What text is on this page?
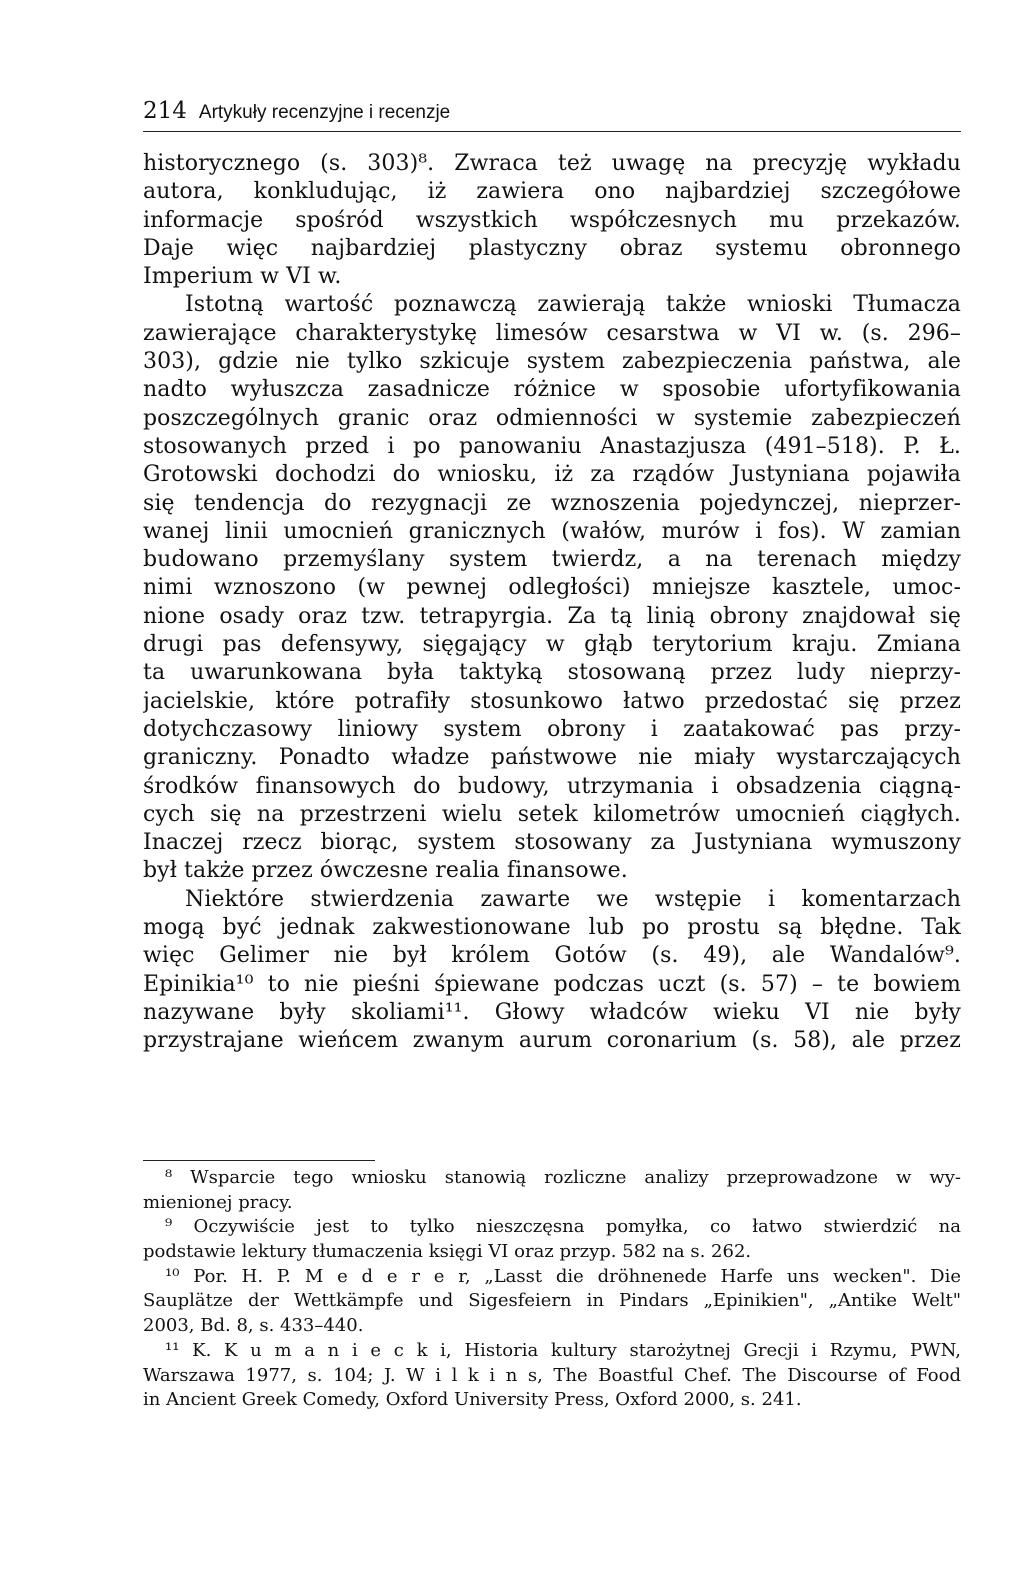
214 Artykuły recenzyjne i recenzje
historycznego (s. 303)⁸. Zwraca też uwagę na precyzję wykładu
autora, konkludując, iż zawiera ono najbardziej szczegółowe
informacje spośród wszystkich współczesnych mu przekazów.
Daje więc najbardziej plastyczny obraz systemu obronnego
Imperium w VI w.
Istotną wartość poznawczą zawierają także wnioski Tłumacza
zawierające charakterystykę limesów cesarstwa w VI w. (s. 296–
303), gdzie nie tylko szkicuje system zabezpieczenia państwa, ale
nadto wyłuszcza zasadnicze różnice w sposobie ufortyfikowania
poszczególnych granic oraz odmienności w systemie zabezpieczeń
stosowanych przed i po panowaniu Anastazjusza (491–518). P. Ł.
Grotowski dochodzi do wniosku, iż za rządów Justyniana pojawiła
się tendencja do rezygnacji ze wznoszenia pojedynczej, nieprzer-
wanej linii umocnień granicznych (wałów, murów i fos). W zamian
budowano przemyślany system twierdz, a na terenach między
nimi wznoszono (w pewnej odległości) mniejsze kasztele, umoc-
nione osady oraz tzw. tetrapyrgia. Za tą linią obrony znajdował się
drugi pas defensywy, sięgający w głąb terytorium kraju. Zmiana
ta uwarunkowana była taktyką stosowaną przez ludy nieprzy-
jacielskie, które potrafiły stosunkowo łatwo przedostać się przez
dotychczasowy liniowy system obrony i zaatakować pas przy-
graniczny. Ponadto władze państwowe nie miały wystarczających
środków finansowych do budowy, utrzymania i obsadzenia ciągną-
cych się na przestrzeni wielu setek kilometrów umocnień ciągłych.
Inaczej rzecz biorąc, system stosowany za Justyniana wymuszony
był także przez ówczesne realia finansowe.
Niektóre stwierdzenia zawarte we wstępie i komentarzach
mogą być jednak zakwestionowane lub po prostu są błędne. Tak
więc Gelimer nie był królem Gotów (s. 49), ale Wandalów⁹.
Epinikia¹⁰ to nie pieśni śpiewane podczas uczt (s. 57) – te bowiem
nazywane były skoliami¹¹. Głowy władców wieku VI nie były
przystrajane wieńcem zwanym aurum coronarium (s. 58), ale przez
⁸ Wsparcie tego wniosku stanowią rozliczne analizy przeprowadzone w wy-
mienionej pracy.
⁹ Oczywiście jest to tylko nieszczęsna pomyłka, co łatwo stwierdzić na
podstawie lektury tłumaczenia księgi VI oraz przyp. 582 na s. 262.
¹⁰ Por. H. P. M e d e r e r, „Lasst die dröhnenede Harfe uns wecken". Die
Sauplätze der Wettkämpfe und Sigesfeiern in Pindars „Epinikien", „Antike Welt"
2003, Bd. 8, s. 433–440.
¹¹ K. K u m a n i e c k i, Historia kultury starożytnej Grecji i Rzymu, PWN,
Warszawa 1977, s. 104; J. W i l k i n s, The Boastful Chef. The Discourse of Food
in Ancient Greek Comedy, Oxford University Press, Oxford 2000, s. 241.
